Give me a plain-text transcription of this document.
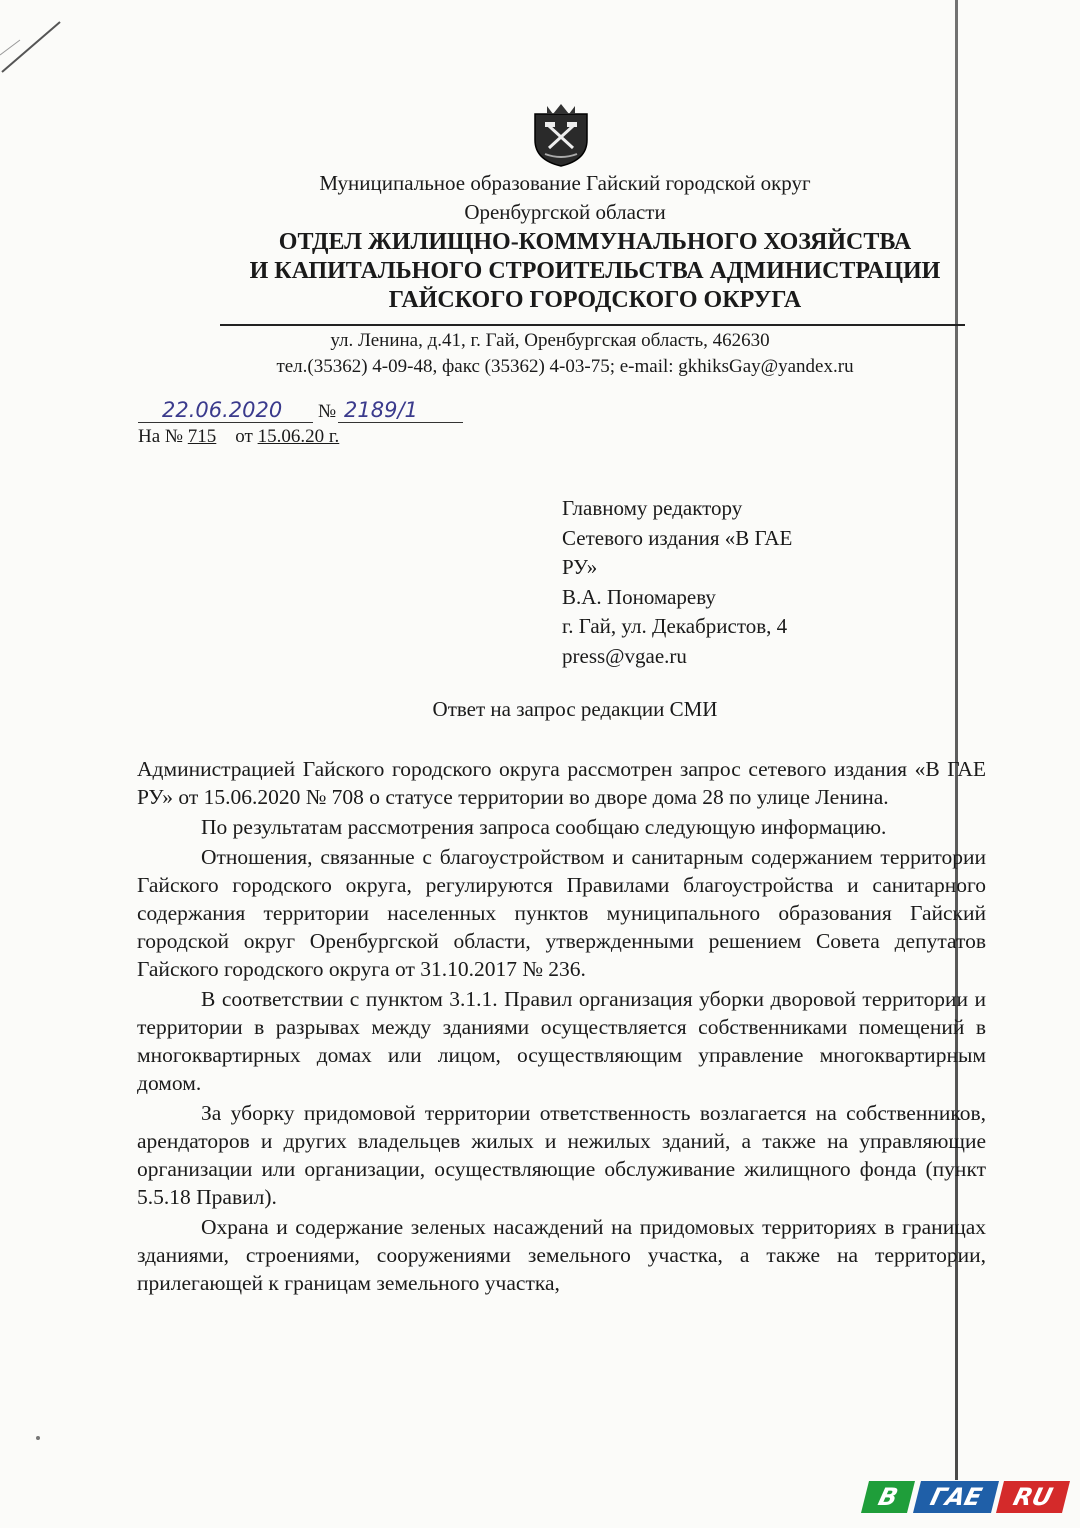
Муниципальное образование Гайский городской округ
Оренбургской области
ОТДЕЛ ЖИЛИЩНО-КОММУНАЛЬНОГО ХОЗЯЙСТВА
И КАПИТАЛЬНОГО СТРОИТЕЛЬСТВА АДМИНИСТРАЦИИ
ГАЙСКОГО ГОРОДСКОГО ОКРУГА
ул. Ленина, д.41, г. Гай, Оренбургская область, 462630
тел.(35362) 4-09-48, факс (35362) 4-03-75; e-mail: gkhiksGay@yandex.ru
22.06.2020 № 2189/1
На № 715 от 15.06.20 г.
Главному редактору
Сетевого издания «В ГАЕ
РУ»
В.А. Пономареву
г. Гай, ул. Декабристов, 4
press@vgae.ru
Ответ на запрос редакции СМИ

Администрацией Гайского городского округа рассмотрен запрос сетевого издания «В ГАЕ РУ» от 15.06.2020 № 708 о статусе территории во дворе дома 28 по улице Ленина.

По результатам рассмотрения запроса сообщаю следующую информацию.

Отношения, связанные с благоустройством и санитарным содержанием территории Гайского городского округа, регулируются Правилами благоустройства и санитарного содержания территории населенных пунктов муниципального образования Гайский городской округ Оренбургской области, утвержденными решением Совета депутатов Гайского городского округа от 31.10.2017 № 236.

В соответствии с пунктом 3.1.1. Правил организация уборки дворовой территории и территории в разрывах между зданиями осуществляется собственниками помещений в многоквартирных домах или лицом, осуществляющим управление многоквартирным домом.

За уборку придомовой территории ответственность возлагается на собственников, арендаторов и других владельцев жилых и нежилых зданий, а также на управляющие организации или организации, осуществляющие обслуживание жилищного фонда (пункт 5.5.18 Правил).

Охрана и содержание зеленых насаждений на придомовых территориях в границах зданиями, строениями, сооружениями земельного участка, а также на территории, прилегающей к границам земельного участка,

B	ГАЕ	RU
